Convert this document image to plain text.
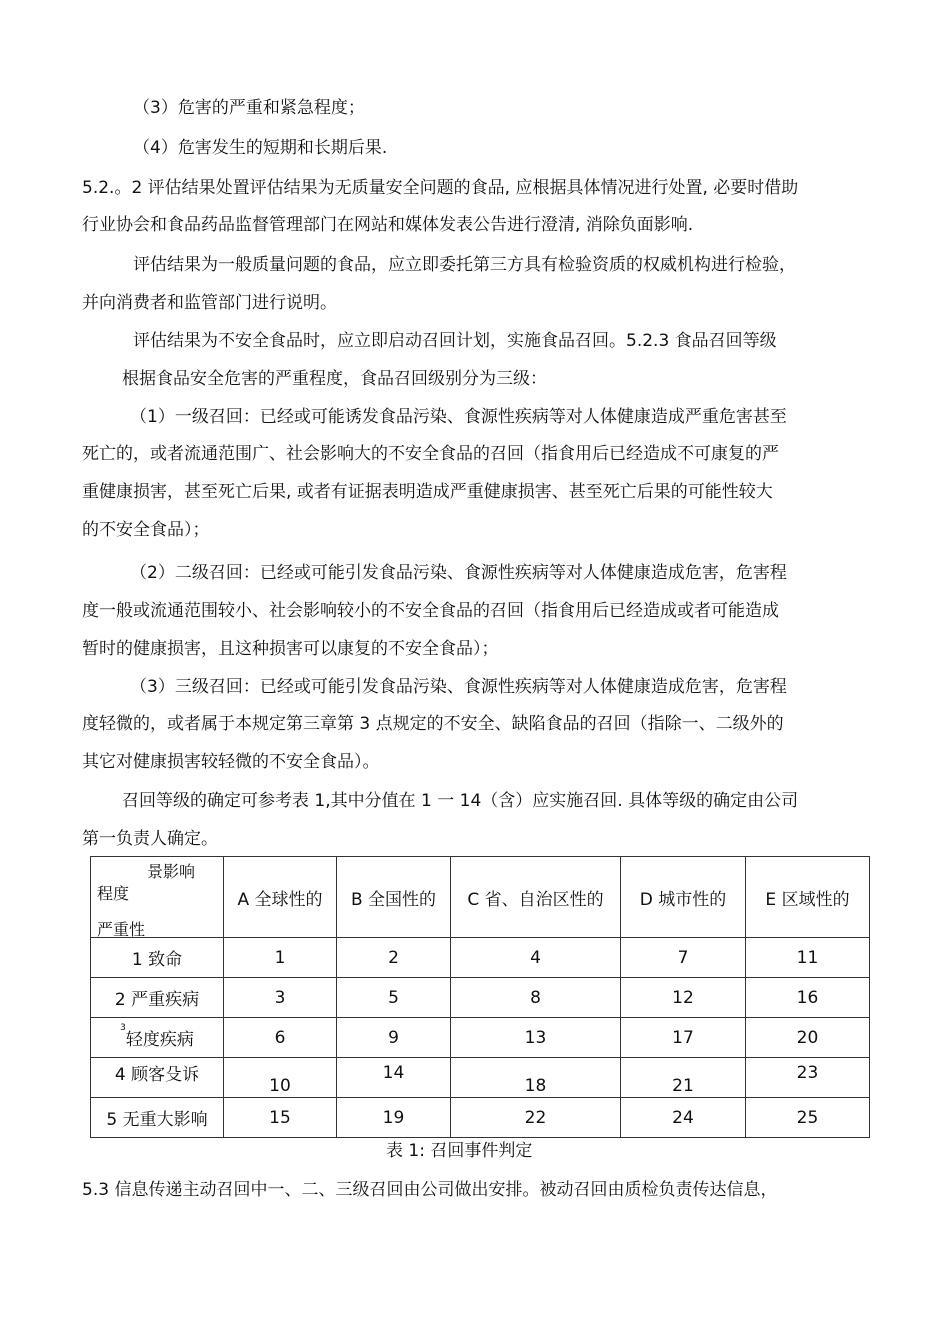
（3）危害的严重和紧急程度；
（4）危害发生的短期和长期后果.
5.2.。2 评估结果处置评估结果为无质量安全问题的食品, 应根据具体情况进行处置, 必要时借助
行业协会和食品药品监督管理部门在网站和媒体发表公告进行澄清, 消除负面影响.
评估结果为一般质量问题的食品，应立即委托第三方具有检验资质的权威机构进行检验，
并向消费者和监管部门进行说明。
评估结果为不安全食品时，应立即启动召回计划，实施食品召回。5.2.3 食品召回等级
根据食品安全危害的严重程度，食品召回级别分为三级：
（1）一级召回：已经或可能诱发食品污染、食源性疾病等对人体健康造成严重危害甚至
死亡的，或者流通范围广、社会影响大的不安全食品的召回（指食用后已经造成不可康复的严
重健康损害，甚至死亡后果, 或者有证据表明造成严重健康损害、甚至死亡后果的可能性较大
的不安全食品）；
（2）二级召回：已经或可能引发食品污染、食源性疾病等对人体健康造成危害，危害程
度一般或流通范围较小、社会影响较小的不安全食品的召回（指食用后已经造成或者可能造成
暂时的健康损害，且这种损害可以康复的不安全食品）；
（3）三级召回：已经或可能引发食品污染、食源性疾病等对人体健康造成危害，危害程
度轻微的，或者属于本规定第三章第 3 点规定的不安全、缺陷食品的召回（指除一、二级外的
其它对健康损害较轻微的不安全食品）。
召回等级的确定可参考表 1,其中分值在 1 一 14（含）应实施召回. 具体等级的确定由公司
第一负责人确定。
景影响
程度
严重性	A 全球性的	B 全国性的	C 省、自治区性的	D 城市性的	E 区域性的
1 致命	1	2	4	7	11
2 严重疾病	3	5	8	12	16
$^3$轻度疾病	6	9	13	17	20
4 顾客殳诉	10	14	18	21	23
5 无重大影响	15	19	22	24	25
表 1: 召回事件判定
5.3 信息传递主动召回中一、二、三级召回由公司做出安排。被动召回由质检负责传达信息，
